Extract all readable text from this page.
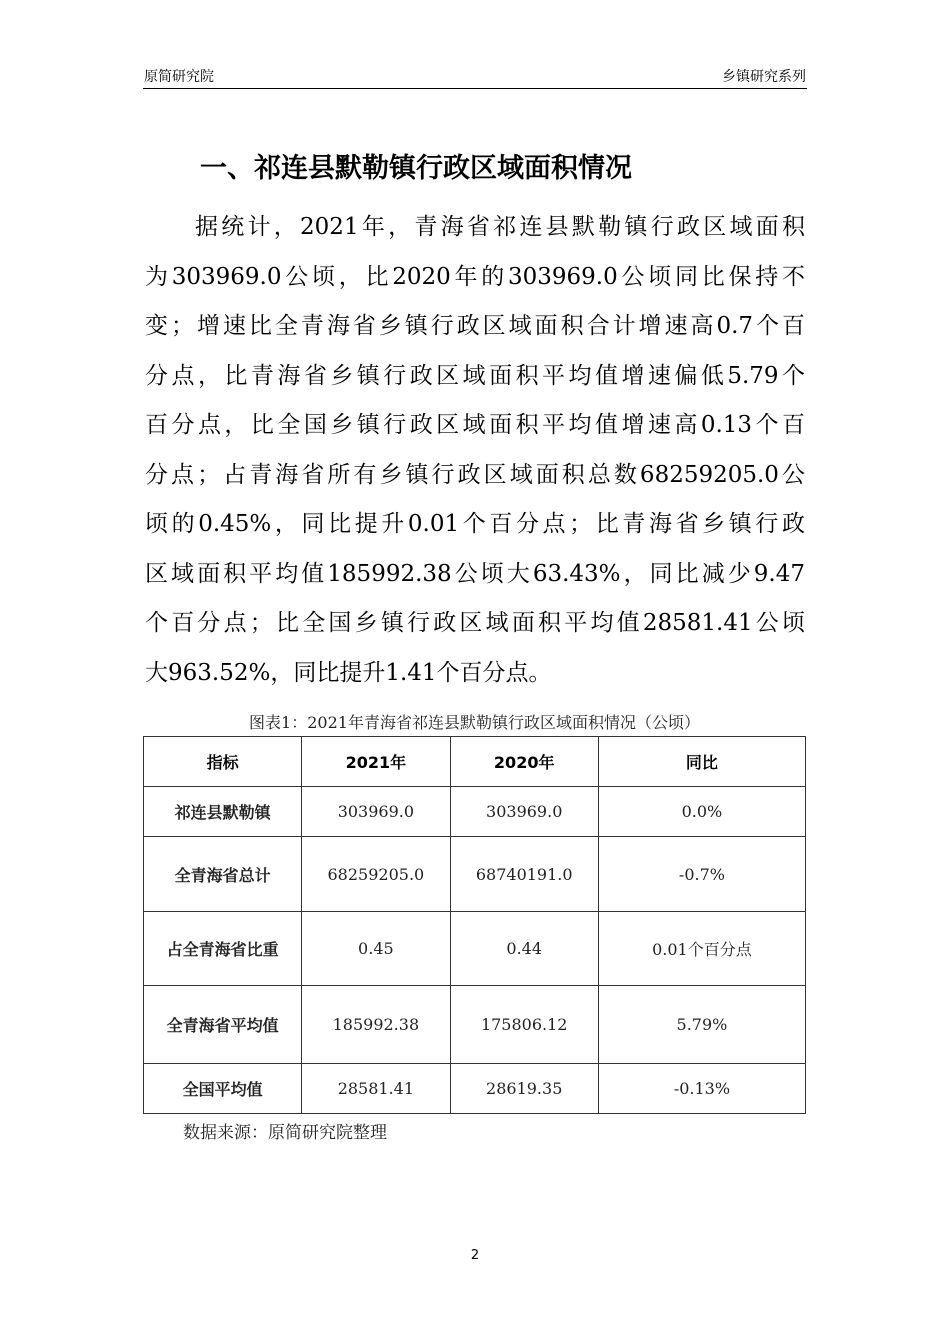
原简研究院	乡镇研究系列
一、祁连县默勒镇行政区域面积情况
据统计，2021年，青海省祁连县默勒镇行政区域面积
为303969.0公顷，比2020年的303969.0公顷同比保持不
变；增速比全青海省乡镇行政区域面积合计增速高0.7个百
分点，比青海省乡镇行政区域面积平均值增速偏低5.79个
百分点，比全国乡镇行政区域面积平均值增速高0.13个百
分点；占青海省所有乡镇行政区域面积总数68259205.0公
顷的0.45%，同比提升0.01个百分点；比青海省乡镇行政
区域面积平均值185992.38公顷大63.43%，同比减少9.47
个百分点；比全国乡镇行政区域面积平均值28581.41公顷
大963.52%，同比提升1.41个百分点。
图表1：2021年青海省祁连县默勒镇行政区域面积情况（公顷）
指标	2021年	2020年	同比
祁连县默勒镇	303969.0	303969.0	0.0%
全青海省总计	68259205.0	68740191.0	-0.7%
占全青海省比重	0.45	0.44	0.01个百分点
全青海省平均值	185992.38	175806.12	5.79%
全国平均值	28581.41	28619.35	-0.13%
数据来源：原简研究院整理
2
